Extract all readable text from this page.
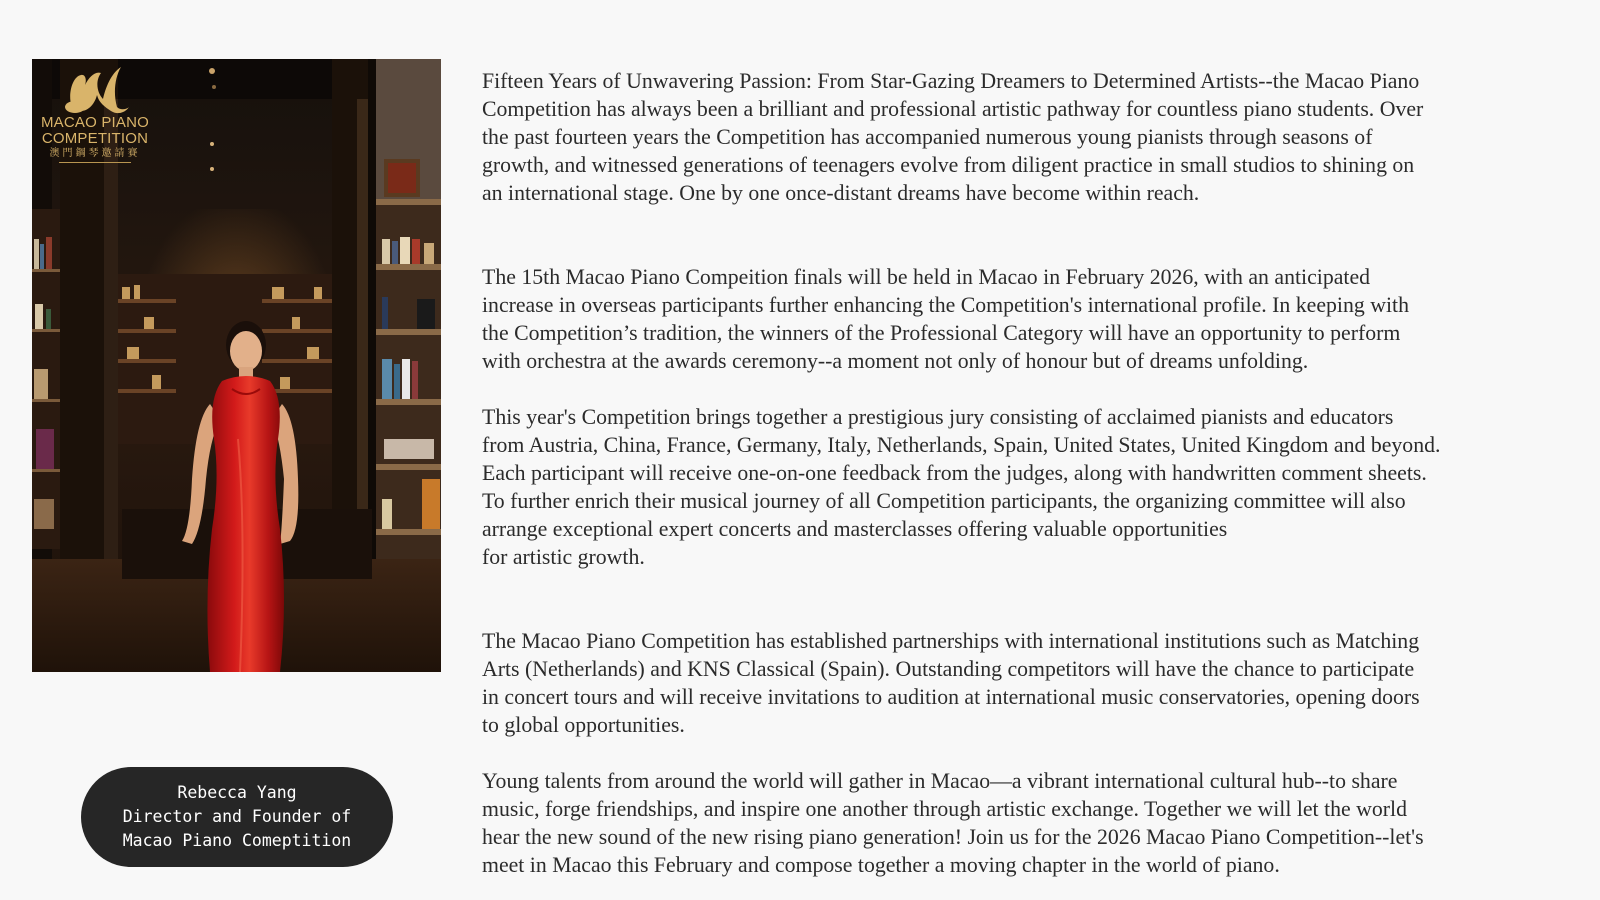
MACAO PIANO
COMPETITION
澳門鋼琴邀請賽
Rebecca Yang
Director and Founder of
Macao Piano Comeptition

Fifteen Years of Unwavering Passion: From Star-Gazing Dreamers to Determined Artists--the Macao Piano
Competition has always been a brilliant and professional artistic pathway for countless piano students. Over
the past fourteen years the Competition has accompanied numerous young pianists through seasons of
growth, and witnessed generations of teenagers evolve from diligent practice in small studios to shining on
an international stage. One by one once-distant dreams have become within reach.

The 15th Macao Piano Compeition finals will be held in Macao in February 2026, with an anticipated
increase in overseas participants further enhancing the Competition's international profile. In keeping with
the Competition’s tradition, the winners of the Professional Category will have an opportunity to perform
with orchestra at the awards ceremony--a moment not only of honour but of dreams unfolding.

This year's Competition brings together a prestigious jury consisting of acclaimed pianists and educators
from Austria, China, France, Germany, Italy, Netherlands, Spain, United States, United Kingdom and beyond.
Each participant will receive one-on-one feedback from the judges, along with handwritten comment sheets.
To further enrich their musical journey of all Competition participants, the organizing committee will also
arrange exceptional expert concerts and masterclasses offering valuable opportunities
for artistic growth.

The Macao Piano Competition has established partnerships with international institutions such as Matching
Arts (Netherlands) and KNS Classical (Spain). Outstanding competitors will have the chance to participate
in concert tours and will receive invitations to audition at international music conservatories, opening doors
to global opportunities.

Young talents from around the world will gather in Macao—a vibrant international cultural hub--to share
music, forge friendships, and inspire one another through artistic exchange. Together we will let the world
hear the new sound of the new rising piano generation! Join us for the 2026 Macao Piano Competition--let's
meet in Macao this February and compose together a moving chapter in the world of piano.
